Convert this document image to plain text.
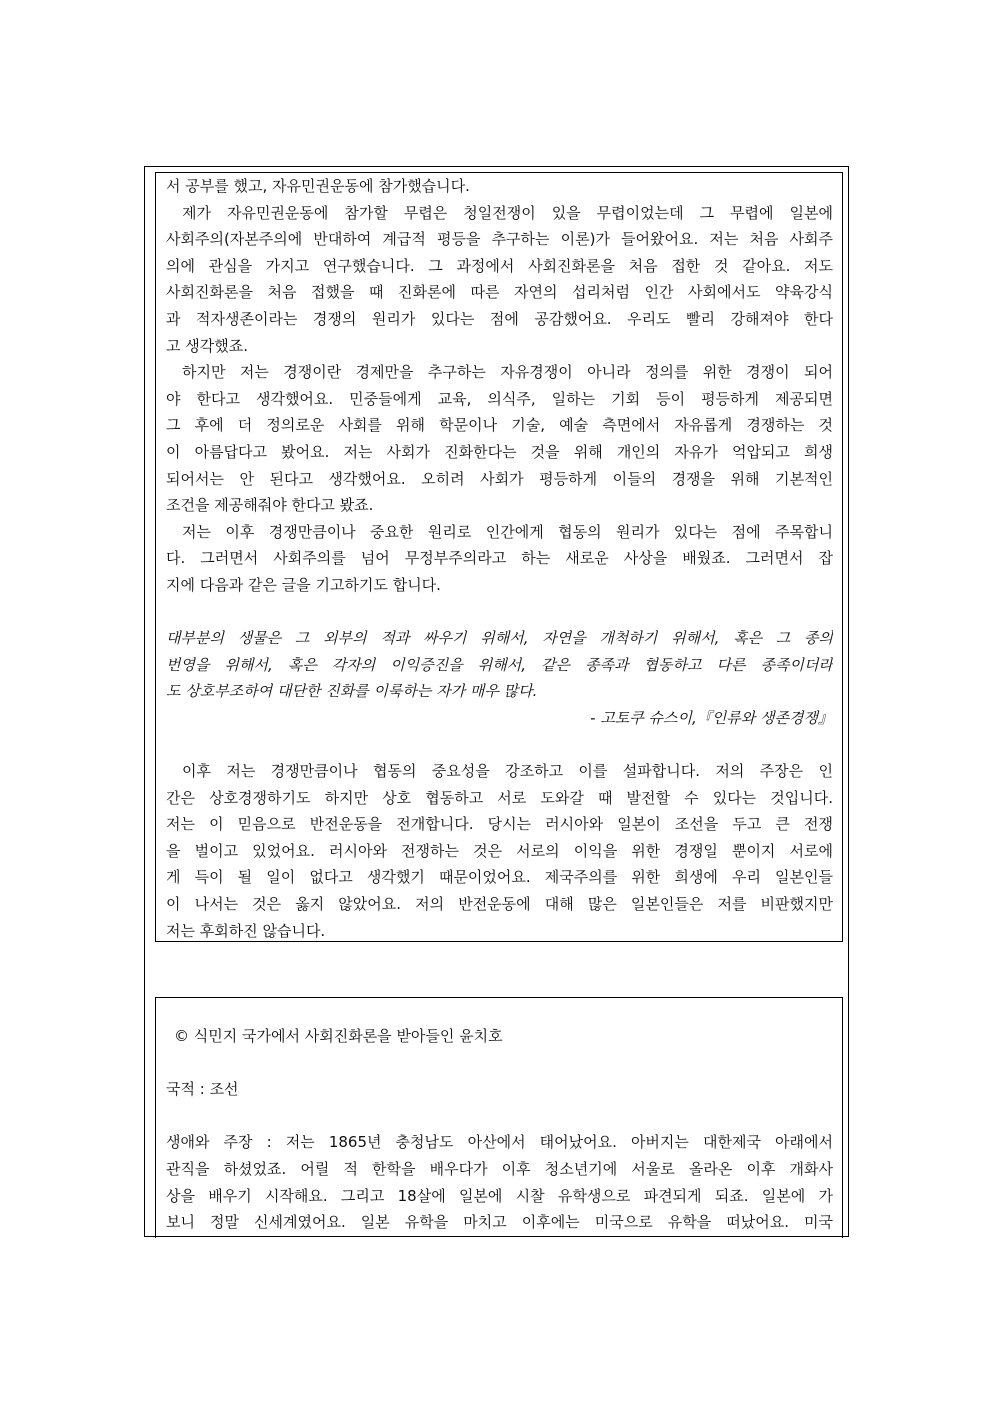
서 공부를 했고, 자유민권운동에 참가했습니다.
제가 자유민권운동에 참가할 무렵은 청일전쟁이 있을 무렵이었는데 그 무렵에 일본에
사회주의(자본주의에 반대하여 계급적 평등을 추구하는 이론)가 들어왔어요. 저는 처음 사회주
의에 관심을 가지고 연구했습니다. 그 과정에서 사회진화론을 처음 접한 것 같아요. 저도
사회진화론을 처음 접했을 때 진화론에 따른 자연의 섭리처럼 인간 사회에서도 약육강식
과 적자생존이라는 경쟁의 원리가 있다는 점에 공감했어요. 우리도 빨리 강해져야 한다
고 생각했죠.
하지만 저는 경쟁이란 경제만을 추구하는 자유경쟁이 아니라 정의를 위한 경쟁이 되어
야 한다고 생각했어요. 민중들에게 교육, 의식주, 일하는 기회 등이 평등하게 제공되면
그 후에 더 정의로운 사회를 위해 학문이나 기술, 예술 측면에서 자유롭게 경쟁하는 것
이 아름답다고 봤어요. 저는 사회가 진화한다는 것을 위해 개인의 자유가 억압되고 희생
되어서는 안 된다고 생각했어요. 오히려 사회가 평등하게 이들의 경쟁을 위해 기본적인
조건을 제공해줘야 한다고 봤죠.
저는 이후 경쟁만큼이나 중요한 원리로 인간에게 협동의 원리가 있다는 점에 주목합니
다. 그러면서 사회주의를 넘어 무정부주의라고 하는 새로운 사상을 배웠죠. 그러면서 잡
지에 다음과 같은 글을 기고하기도 합니다.
대부분의 생물은 그 외부의 적과 싸우기 위해서, 자연을 개척하기 위해서, 혹은 그 종의
번영을 위해서, 혹은 각자의 이익증진을 위해서, 같은 종족과 협동하고 다른 종족이더라
도 상호부조하여 대단한 진화를 이룩하는 자가 매우 많다.
- 고토쿠 슈스이,『인류와 생존경쟁』
이후 저는 경쟁만큼이나 협동의 중요성을 강조하고 이를 설파합니다. 저의 주장은 인
간은 상호경쟁하기도 하지만 상호 협동하고 서로 도와갈 때 발전할 수 있다는 것입니다.
저는 이 믿음으로 반전운동을 전개합니다. 당시는 러시아와 일본이 조선을 두고 큰 전쟁
을 벌이고 있었어요. 러시아와 전쟁하는 것은 서로의 이익을 위한 경쟁일 뿐이지 서로에
게 득이 될 일이 없다고 생각했기 때문이었어요. 제국주의를 위한 희생에 우리 일본인들
이 나서는 것은 옳지 않았어요. 저의 반전운동에 대해 많은 일본인들은 저를 비판했지만
저는 후회하진 않습니다.
© 식민지 국가에서 사회진화론을 받아들인 윤치호
국적 : 조선
생애와 주장 : 저는 1865년 충청남도 아산에서 태어났어요. 아버지는 대한제국 아래에서
관직을 하셨었죠. 어릴 적 한학을 배우다가 이후 청소년기에 서울로 올라온 이후 개화사
상을 배우기 시작해요. 그리고 18살에 일본에 시찰 유학생으로 파견되게 되죠. 일본에 가
보니 정말 신세계였어요. 일본 유학을 마치고 이후에는 미국으로 유학을 떠났어요. 미국
